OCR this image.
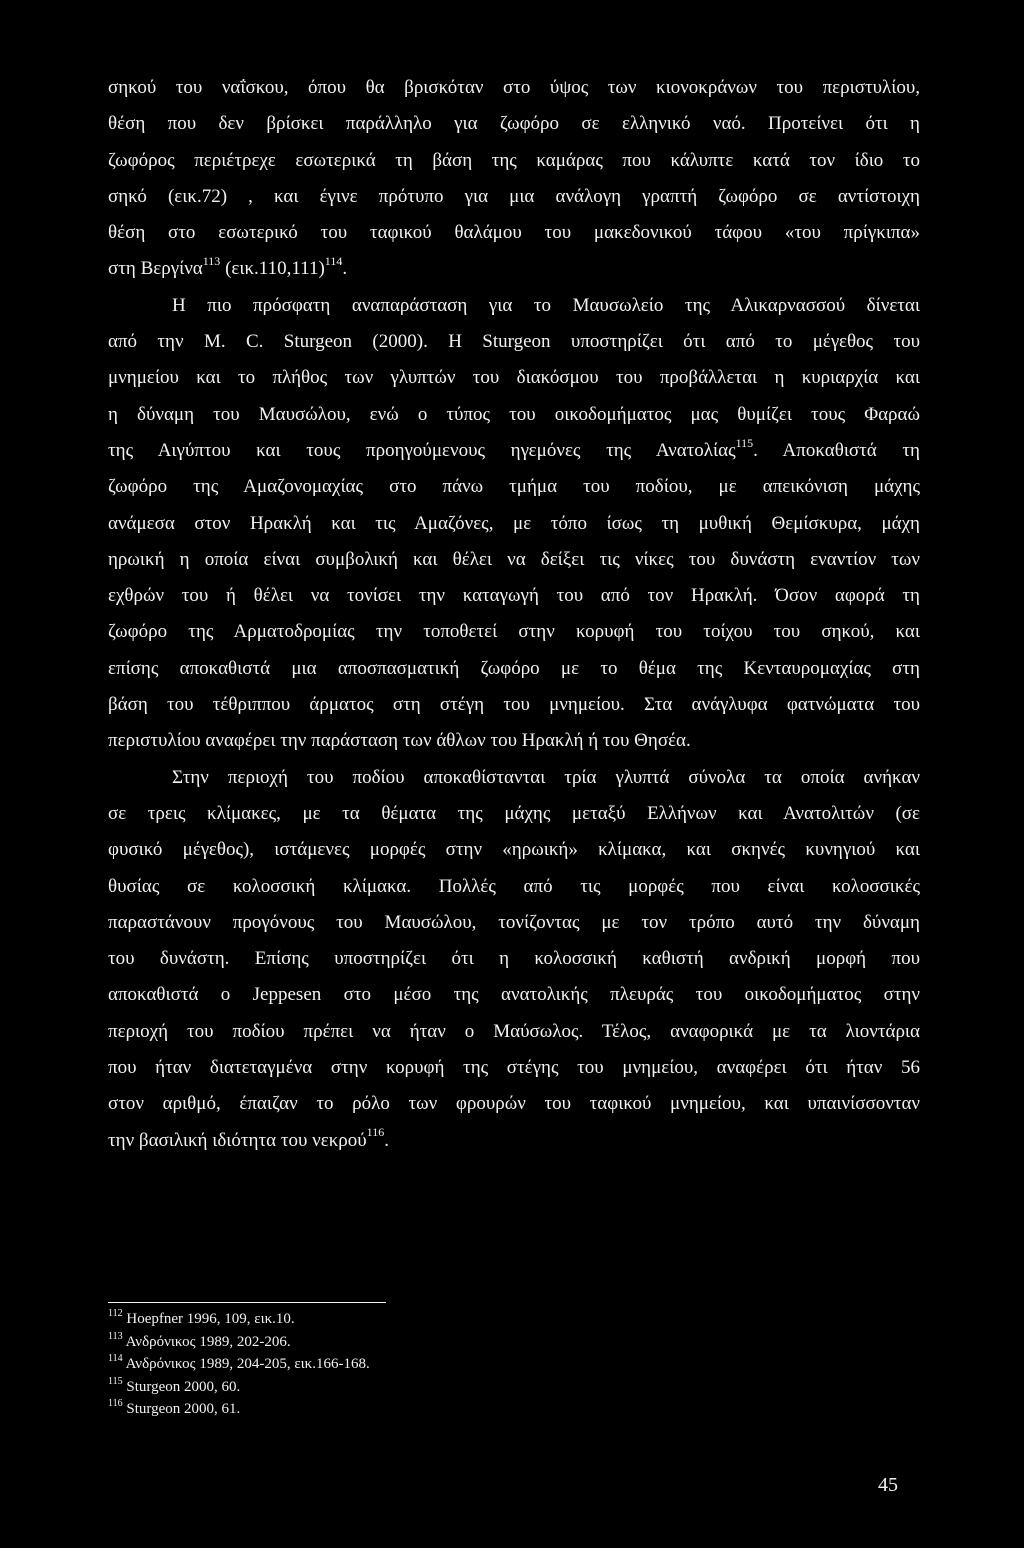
σηκού του ναΐσκου, όπου θα βρισκόταν στο ύψος των κιονοκράνων του περιστυλίου,
θέση που δεν βρίσκει παράλληλο για ζωφόρο σε ελληνικό ναό. Προτείνει ότι η
ζωφόρος περιέτρεχε εσωτερικά τη βάση της καμάρας που κάλυπτε κατά τον ίδιο το
σηκό (εικ.72) , και έγινε πρότυπο για μια ανάλογη γραπτή ζωφόρο σε αντίστοιχη
θέση στο εσωτερικό του ταφικού θαλάμου του μακεδονικού τάφου «του πρίγκιπα»
στη Βεργίνα$^{113}$ $(\varepsilon\iota\kappa.110,111)^{114}$.
Η πιο πρόσφατη αναπαράσταση για το Μαυσωλείο της Αλικαρνασσού δίνεται
από την Μ. C. Sturgeon (2000). Η Sturgeon υποστηρίζει ότι από το μέγεθος του
μνημείου και το πλήθος των γλυπτών του διακόσμου του προβάλλεται η κυριαρχία και
η δύναμη του Μαυσώλου, ενώ ο τύπος του οικοδομήματος μας θυμίζει τους Φαραώ
της Αιγύπτου και τους προηγούμενους ηγεμόνες της Ανατολίας$^{115}$. Αποκαθιστά τη
ζωφόρο της Αμαζονομαχίας στο πάνω τμήμα του ποδίου, με απεικόνιση μάχης
ανάμεσα στον Ηρακλή και τις Αμαζόνες, με τόπο ίσως τη μυθική Θεμίσκυρα, μάχη
ηρωική η οποία είναι συμβολική και θέλει να δείξει τις νίκες του δυνάστη εναντίον των
εχθρών του ή θέλει να τονίσει την καταγωγή του από τον Ηρακλή. Όσον αφορά τη
ζωφόρο της Αρματοδρομίας την τοποθετεί στην κορυφή του τοίχου του σηκού, και
επίσης αποκαθιστά μια αποσπασματική ζωφόρο με το θέμα της Κενταυρομαχίας στη
βάση του τέθριππου άρματος στη στέγη του μνημείου. Στα ανάγλυφα φατνώματα του
περιστυλίου αναφέρει την παράσταση των άθλων του Ηρακλή ή του Θησέα.
Στην περιοχή του ποδίου αποκαθίστανται τρία γλυπτά σύνολα τα οποία ανήκαν
σε τρεις κλίμακες, με τα θέματα της μάχης μεταξύ Ελλήνων και Ανατολιτών (σε
φυσικό μέγεθος), ιστάμενες μορφές στην «ηρωική» κλίμακα, και σκηνές κυνηγιού και
θυσίας σε κολοσσική κλίμακα. Πολλές από τις μορφές που είναι κολοσσικές
παραστάνουν προγόνους του Μαυσώλου, τονίζοντας με τον τρόπο αυτό την δύναμη
του δυνάστη. Επίσης υποστηρίζει ότι η κολοσσική καθιστή ανδρική μορφή που
αποκαθιστά ο Jeppesen στο μέσο της ανατολικής πλευράς του οικοδομήματος στην
περιοχή του ποδίου πρέπει να ήταν ο Μαύσωλος. Τέλος, αναφορικά με τα λιοντάρια
που ήταν διατεταγμένα στην κορυφή της στέγης του μνημείου, αναφέρει ότι ήταν 56
στον αριθμό, έπαιζαν το ρόλο των φρουρών του ταφικού μνημείου, και υπαινίσσονταν
την βασιλική ιδιότητα του νεκρού$^{116}$.
$^{112}$ Hoepfner 1996, 109, εικ.10.
$^{113}$ Ανδρόνικος 1989, 202-206.
$^{114}$ Ανδρόνικος 1989, 204-205, εικ.166-168.
$^{115}$ Sturgeon 2000, 60.
$^{116}$ Sturgeon 2000, 61.
45
